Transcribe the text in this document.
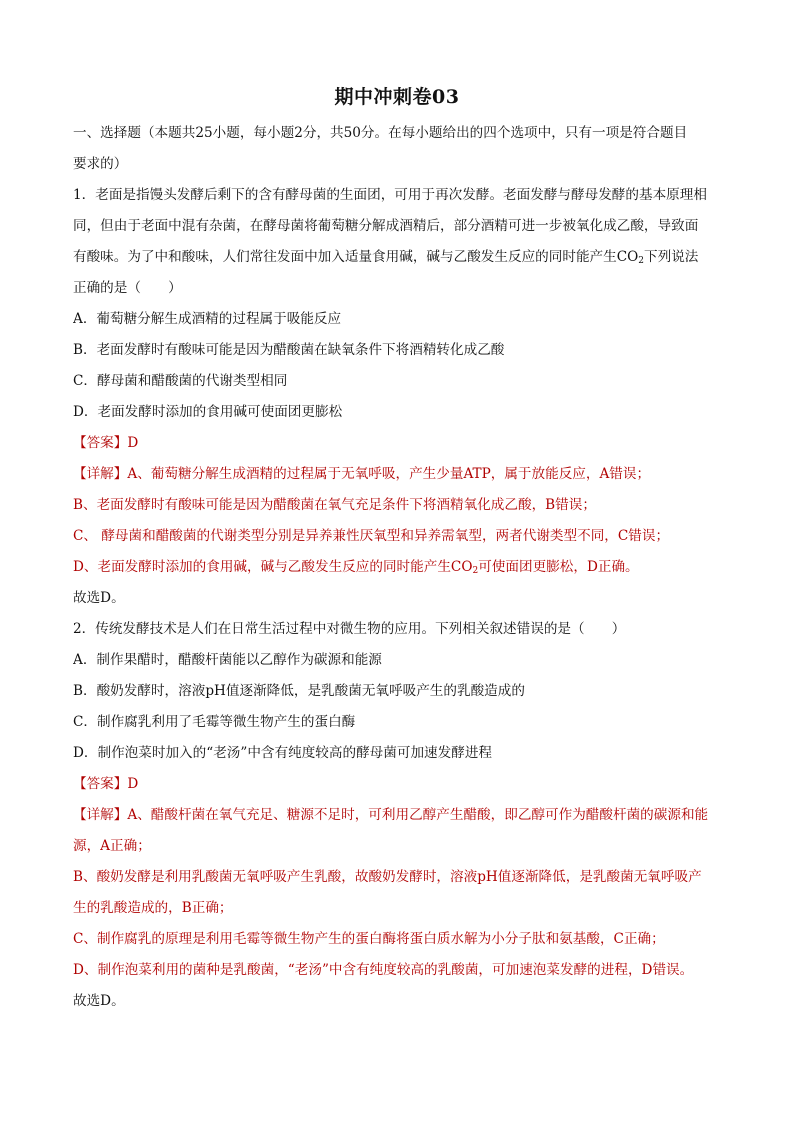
期中冲刺卷03
一、选择题（本题共25小题，每小题2分，共50分。在每小题给出的四个选项中，只有一项是符合题目
要求的）
1．老面是指馒头发酵后剩下的含有酵母菌的生面团，可用于再次发酵。老面发酵与酵母发酵的基本原理相
同，但由于老面中混有杂菌，在酵母菌将葡萄糖分解成酒精后，部分酒精可进一步被氧化成乙酸，导致面
有酸味。为了中和酸味，人们常往发面中加入适量食用碱，碱与乙酸发生反应的同时能产生$CO_2$下列说法
正确的是（　　）
A．葡萄糖分解生成酒精的过程属于吸能反应
B．老面发酵时有酸味可能是因为醋酸菌在缺氧条件下将酒精转化成乙酸
C．酵母菌和醋酸菌的代谢类型相同
D．老面发酵时添加的食用碱可使面团更膨松
【答案】D
【详解】A、葡萄糖分解生成酒精的过程属于无氧呼吸，产生少量ATP，属于放能反应，A错误；
B、老面发酵时有酸味可能是因为醋酸菌在氧气充足条件下将酒精氧化成乙酸，B错误；
C、 酵母菌和醋酸菌的代谢类型分别是异养兼性厌氧型和异养需氧型，两者代谢类型不同，C错误；
D、老面发酵时添加的食用碱，碱与乙酸发生反应的同时能产生$CO_2$可使面团更膨松，D正确。
故选D。
2．传统发酵技术是人们在日常生活过程中对微生物的应用。下列相关叙述错误的是（　　）
A．制作果醋时，醋酸杆菌能以乙醇作为碳源和能源
B．酸奶发酵时，溶液pH值逐渐降低，是乳酸菌无氧呼吸产生的乳酸造成的
C．制作腐乳利用了毛霉等微生物产生的蛋白酶
D．制作泡菜时加入的“老汤”中含有纯度较高的酵母菌可加速发酵进程
【答案】D
【详解】A、醋酸杆菌在氧气充足、糖源不足时，可利用乙醇产生醋酸，即乙醇可作为醋酸杆菌的碳源和能
源，A正确；
B、酸奶发酵是利用乳酸菌无氧呼吸产生乳酸，故酸奶发酵时，溶液pH值逐渐降低，是乳酸菌无氧呼吸产
生的乳酸造成的，B正确；
C、制作腐乳的原理是利用毛霉等微生物产生的蛋白酶将蛋白质水解为小分子肽和氨基酸，C正确；
D、制作泡菜利用的菌种是乳酸菌，“老汤”中含有纯度较高的乳酸菌，可加速泡菜发酵的进程，D错误。
故选D。
